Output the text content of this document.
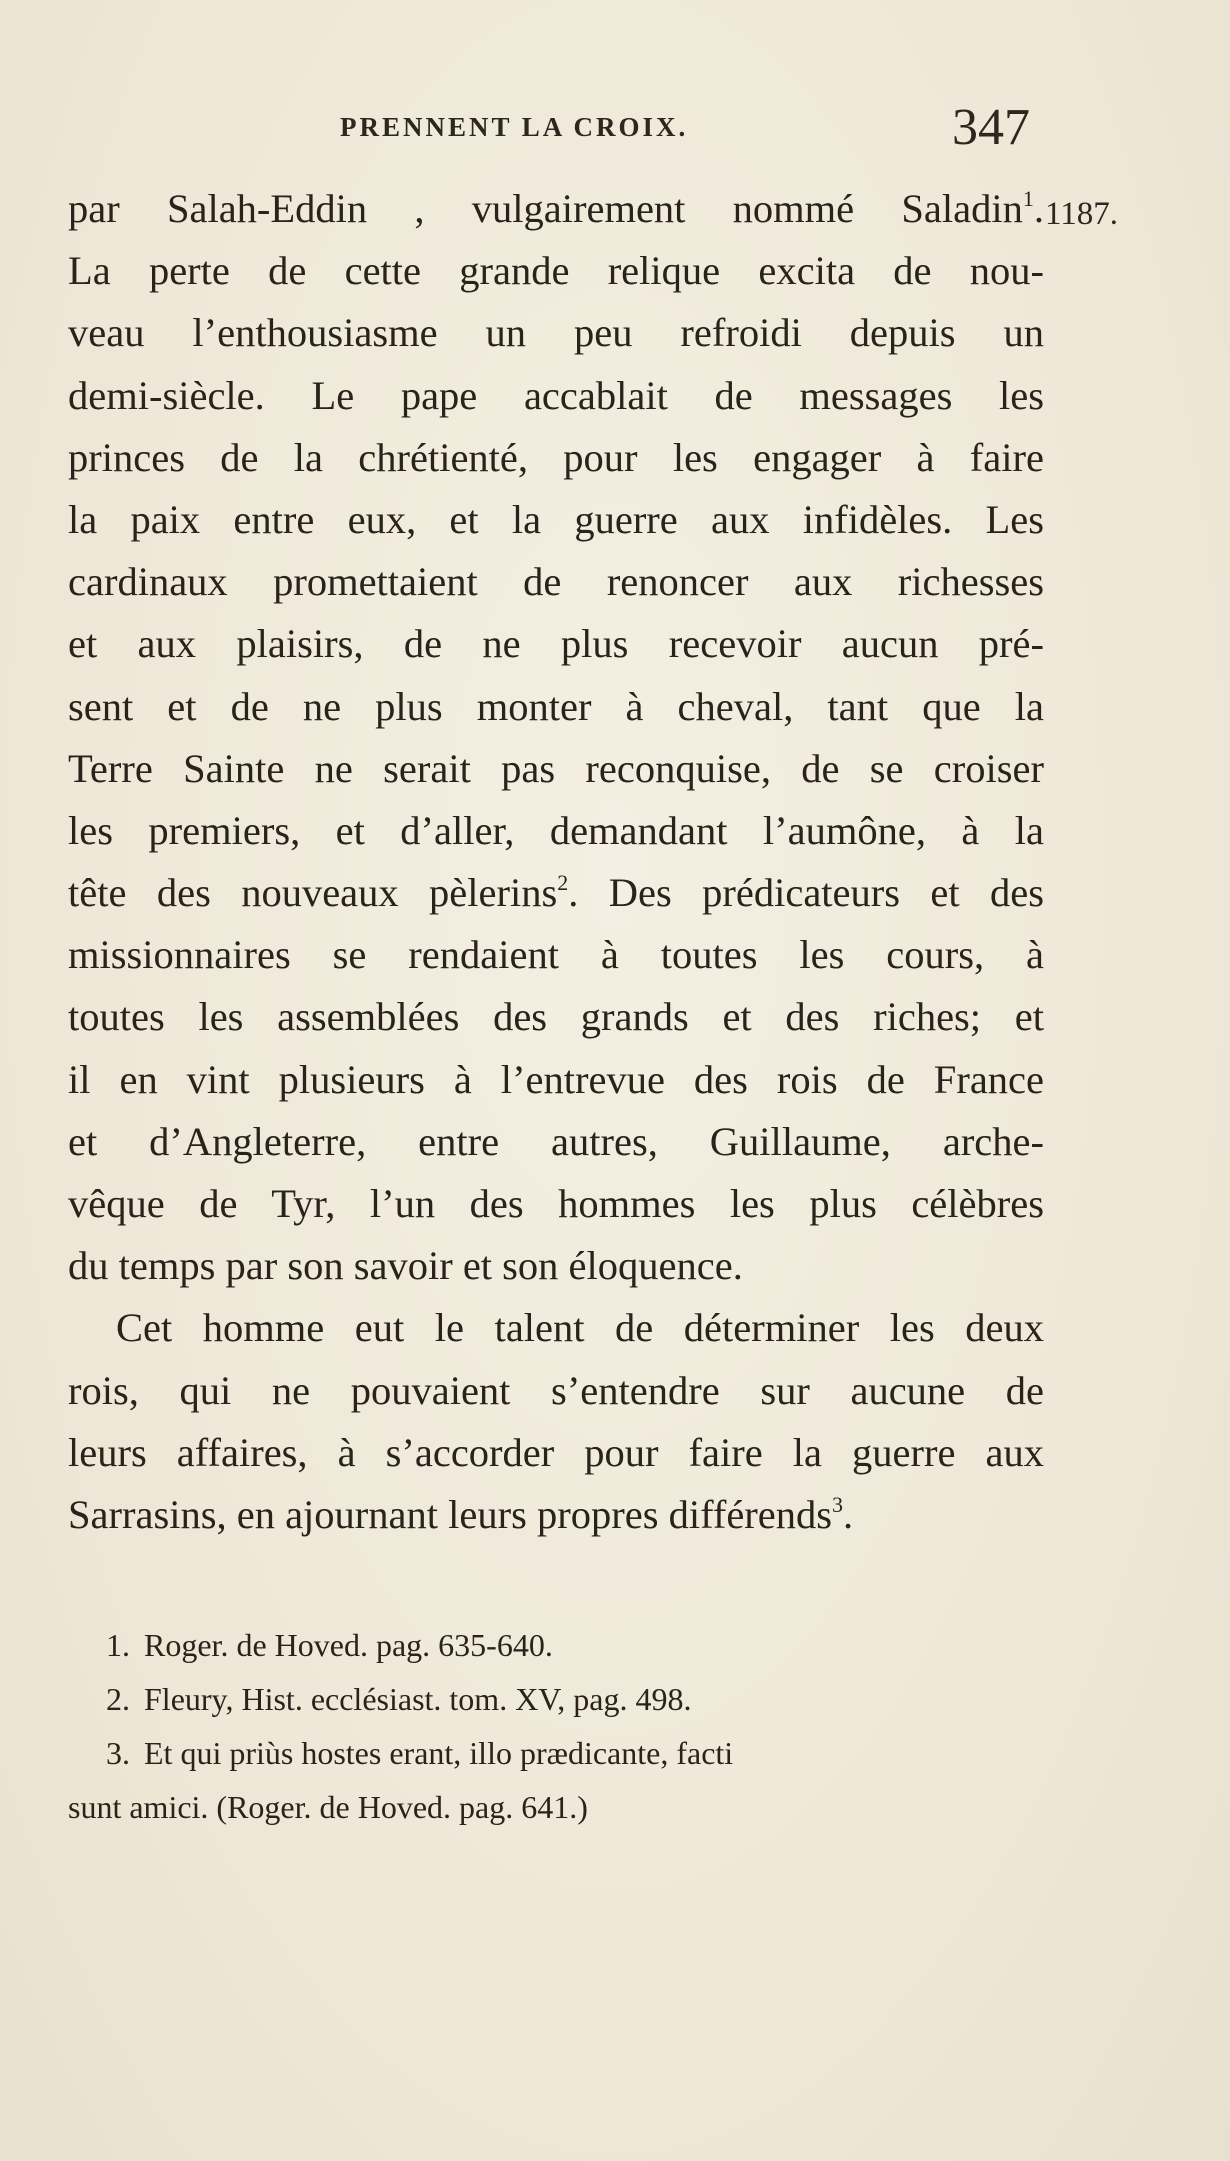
PRENNENT LA CROIX.	347
1187.
par Salah-Eddin , vulgairement nommé Saladin$^1$.
La perte de cette grande relique excita de nou-
veau l’enthousiasme un peu refroidi depuis un
demi-siècle. Le pape accablait de messages les
princes de la chrétienté, pour les engager à faire
la paix entre eux, et la guerre aux infidèles. Les
cardinaux promettaient de renoncer aux richesses
et aux plaisirs, de ne plus recevoir aucun pré-
sent et de ne plus monter à cheval, tant que la
Terre Sainte ne serait pas reconquise, de se croiser
les premiers, et d’aller, demandant l’aumône, à la
tête des nouveaux pèlerins$^2$. Des prédicateurs et des
missionnaires se rendaient à toutes les cours, à
toutes les assemblées des grands et des riches; et
il en vint plusieurs à l’entrevue des rois de France
et d’Angleterre, entre autres, Guillaume, arche-
vêque de Tyr, l’un des hommes les plus célèbres
du temps par son savoir et son éloquence.
Cet homme eut le talent de déterminer les deux
rois, qui ne pouvaient s’entendre sur aucune de
leurs affaires, à s’accorder pour faire la guerre aux
Sarrasins, en ajournant leurs propres différends$^3$.
1. Roger. de Hoved. pag. 635-640.
2. Fleury, Hist. ecclésiast. tom. XV, pag. 498.
3. Et qui priùs hostes erant, illo prædicante, facti
sunt amici. (Roger. de Hoved. pag. 641.)
